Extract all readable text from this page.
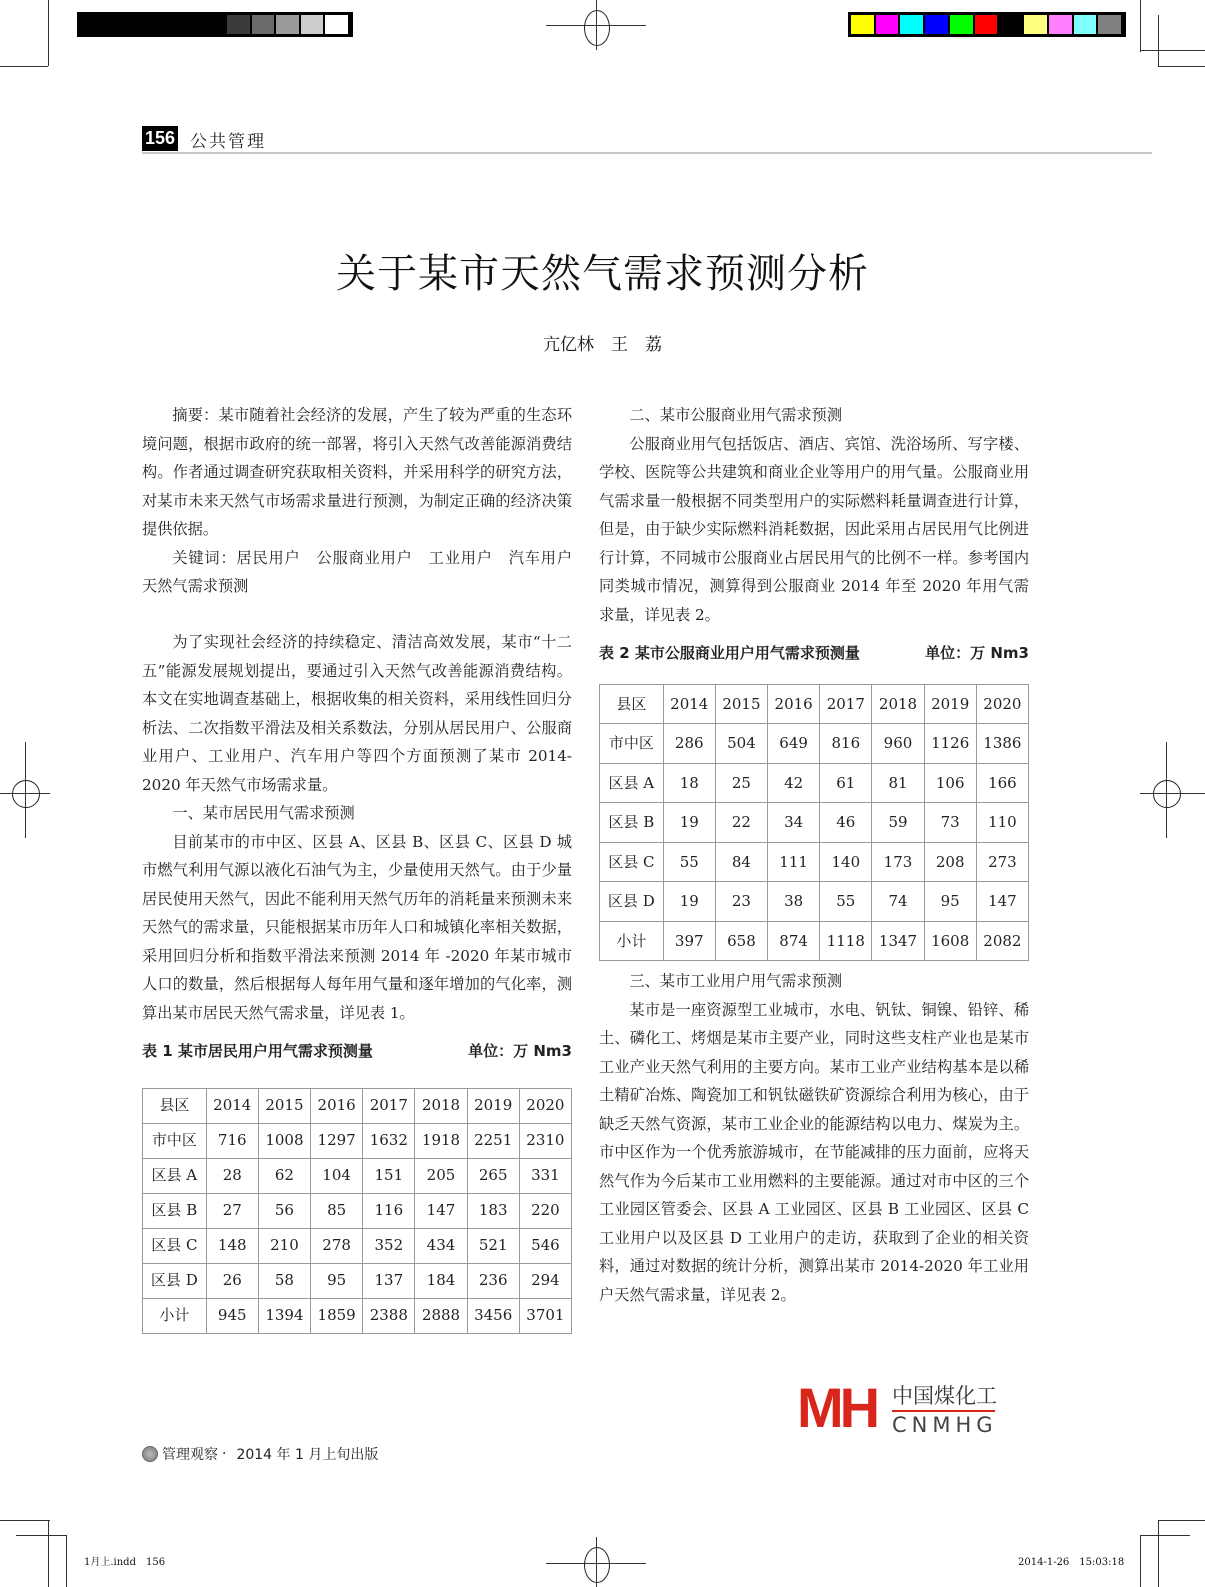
156 公共管理
关于某市天然气需求预测分析
亢亿林　王　荔

摘要：某市随着社会经济的发展，产生了较为严重的生态环境问题，根据市政府的统一部署，将引入天然气改善能源消费结构。作者通过调查研究获取相关资料，并采用科学的研究方法，对某市未来天然气市场需求量进行预测，为制定正确的经济决策提供依据。

关键词：居民用户　公服商业用户　工业用户　汽车用户　天然气需求预测

为了实现社会经济的持续稳定、清洁高效发展，某市“十二五”能源发展规划提出，要通过引入天然气改善能源消费结构。本文在实地调查基础上，根据收集的相关资料，采用线性回归分析法、二次指数平滑法及相关系数法，分别从居民用户、公服商业用户、工业用户、汽车用户等四个方面预测了某市 2014-2020 年天然气市场需求量。

一、某市居民用气需求预测

目前某市的市中区、区县 A、区县 B、区县 C、区县 D 城市燃气利用气源以液化石油气为主，少量使用天然气。由于少量居民使用天然气，因此不能利用天然气历年的消耗量来预测未来天然气的需求量，只能根据某市历年人口和城镇化率相关数据，采用回归分析和指数平滑法来预测 2014 年 -2020 年某市城市人口的数量，然后根据每人每年用气量和逐年增加的气化率，测算出某市居民天然气需求量，详见表 1。

表 1 某市居民用户用气需求预测量	单位：万 Nm3
县区	2014	2015	2016	2017	2018	2019	2020
市中区	716	1008	1297	1632	1918	2251	2310
区县 A	28	62	104	151	205	265	331
区县 B	27	56	85	116	147	183	220
区县 C	148	210	278	352	434	521	546
区县 D	26	58	95	137	184	236	294
小计	945	1394	1859	2388	2888	3456	3701

二、某市公服商业用气需求预测

公服商业用气包括饭店、酒店、宾馆、洗浴场所、写字楼、学校、医院等公共建筑和商业企业等用户的用气量。公服商业用气需求量一般根据不同类型用户的实际燃料耗量调查进行计算，但是，由于缺少实际燃料消耗数据，因此采用占居民用气比例进行计算，不同城市公服商业占居民用气的比例不一样。参考国内同类城市情况，测算得到公服商业 2014 年至 2020 年用气需求量，详见表 2。

表 2 某市公服商业用户用气需求预测量	单位：万 Nm3
县区	2014	2015	2016	2017	2018	2019	2020
市中区	286	504	649	816	960	1126	1386
区县 A	18	25	42	61	81	106	166
区县 B	19	22	34	46	59	73	110
区县 C	55	84	111	140	173	208	273
区县 D	19	23	38	55	74	95	147
小计	397	658	874	1118	1347	1608	2082

三、某市工业用户用气需求预测

某市是一座资源型工业城市，水电、钒钛、铜镍、铅锌、稀土、磷化工、烤烟是某市主要产业，同时这些支柱产业也是某市工业产业天然气利用的主要方向。某市工业产业结构基本是以稀土精矿冶炼、陶瓷加工和钒钛磁铁矿资源综合利用为核心，由于缺乏天然气资源，某市工业企业的能源结构以电力、煤炭为主。市中区作为一个优秀旅游城市，在节能减排的压力面前，应将天然气作为今后某市工业用燃料的主要能源。通过对市中区的三个工业园区管委会、区县 A 工业园区、区县 B 工业园区、区县 C 工业用户以及区县 D 工业用户的走访，获取到了企业的相关资料，通过对数据的统计分析，测算出某市 2014-2020 年工业用户天然气需求量，详见表 2。

MH 中国煤化工
CNMHG
管理观察 · 2014 年 1 月上旬出版
1月上.indd　156	2014-1-26　15:03:18
